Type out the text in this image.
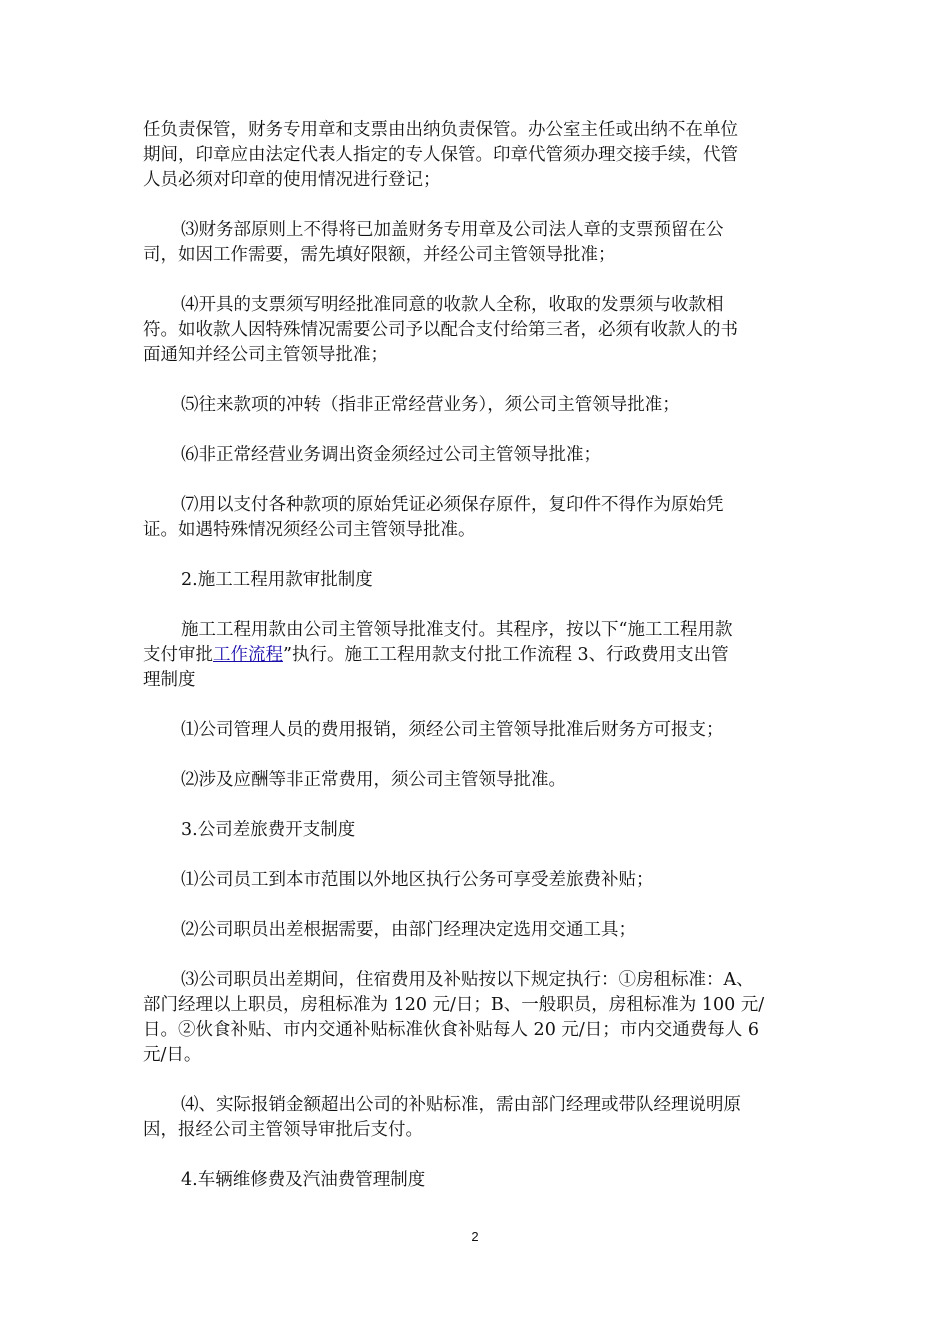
任负责保管，财务专用章和支票由出纳负责保管。办公室主任或出纳不在单位
期间，印章应由法定代表人指定的专人保管。印章代管须办理交接手续，代管
人员必须对印章的使用情况进行登记；

⑶财务部原则上不得将已加盖财务专用章及公司法人章的支票预留在公
司，如因工作需要，需先填好限额，并经公司主管领导批准；

⑷开具的支票须写明经批准同意的收款人全称，收取的发票须与收款相
符。如收款人因特殊情况需要公司予以配合支付给第三者，必须有收款人的书
面通知并经公司主管领导批准；

⑸往来款项的冲转（指非正常经营业务），须公司主管领导批准；

⑹非正常经营业务调出资金须经过公司主管领导批准；

⑺用以支付各种款项的原始凭证必须保存原件，复印件不得作为原始凭
证。如遇特殊情况须经公司主管领导批准。

2.施工工程用款审批制度

施工工程用款由公司主管领导批准支付。其程序，按以下“施工工程用款
支付审批工作流程”执行。施工工程用款支付批工作流程 3、行政费用支出管
理制度

⑴公司管理人员的费用报销，须经公司主管领导批准后财务方可报支；

⑵涉及应酬等非正常费用，须公司主管领导批准。

3.公司差旅费开支制度

⑴公司员工到本市范围以外地区执行公务可享受差旅费补贴；

⑵公司职员出差根据需要，由部门经理决定选用交通工具；

⑶公司职员出差期间，住宿费用及补贴按以下规定执行：①房租标准：A、
部门经理以上职员，房租标准为 120 元/日；B、一般职员，房租标准为 100 元/
日。②伙食补贴、市内交通补贴标准伙食补贴每人 20 元/日；市内交通费每人 6
元/日。

⑷、实际报销金额超出公司的补贴标准，需由部门经理或带队经理说明原
因，报经公司主管领导审批后支付。

4.车辆维修费及汽油费管理制度

2
